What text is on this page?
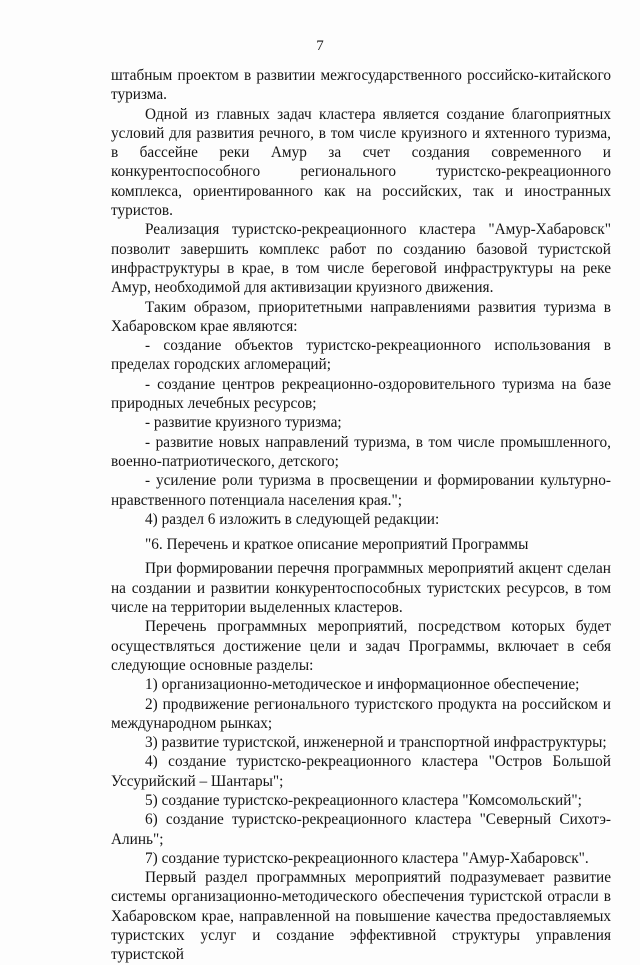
7

штабным проектом в развитии межгосударственного российско-китайского туризма.

Одной из главных задач кластера является создание благоприятных условий для развития речного, в том числе круизного и яхтенного туризма, в бассейне реки Амур за счет создания современного и конкурентоспособного регионального туристско-рекреационного комплекса, ориентированного как на российских, так и иностранных туристов.

Реализация туристско-рекреационного кластера "Амур-Хабаровск" позволит завершить комплекс работ по созданию базовой туристской инфраструктуры в крае, в том числе береговой инфраструктуры на реке Амур, необходимой для активизации круизного движения.

Таким образом, приоритетными направлениями развития туризма в Хабаровском крае являются:

- создание объектов туристско-рекреационного использования в пределах городских агломераций;

- создание центров рекреационно-оздоровительного туризма на базе природных лечебных ресурсов;

- развитие круизного туризма;

- развитие новых направлений туризма, в том числе промышленного, военно-патриотического, детского;

- усиление роли туризма в просвещении и формировании культурно-нравственного потенциала населения края.";

4) раздел 6 изложить в следующей редакции:

"6. Перечень и краткое описание мероприятий Программы

При формировании перечня программных мероприятий акцент сделан на создании и развитии конкурентоспособных туристских ресурсов, в том числе на территории выделенных кластеров.

Перечень программных мероприятий, посредством которых будет осуществляться достижение цели и задач Программы, включает в себя следующие основные разделы:

1) организационно-методическое и информационное обеспечение;

2) продвижение регионального туристского продукта на российском и международном рынках;

3) развитие туристской, инженерной и транспортной инфраструктуры;

4) создание туристско-рекреационного кластера "Остров Большой Уссурийский – Шантары";

5) создание туристско-рекреационного кластера "Комсомольский";

6) создание туристско-рекреационного кластера "Северный Сихотэ-Алинь";

7) создание туристско-рекреационного кластера "Амур-Хабаровск".

Первый раздел программных мероприятий подразумевает развитие системы организационно-методического обеспечения туристской отрасли в Хабаровском крае, направленной на повышение качества предоставляемых туристских услуг и создание эффективной структуры управления туристской
